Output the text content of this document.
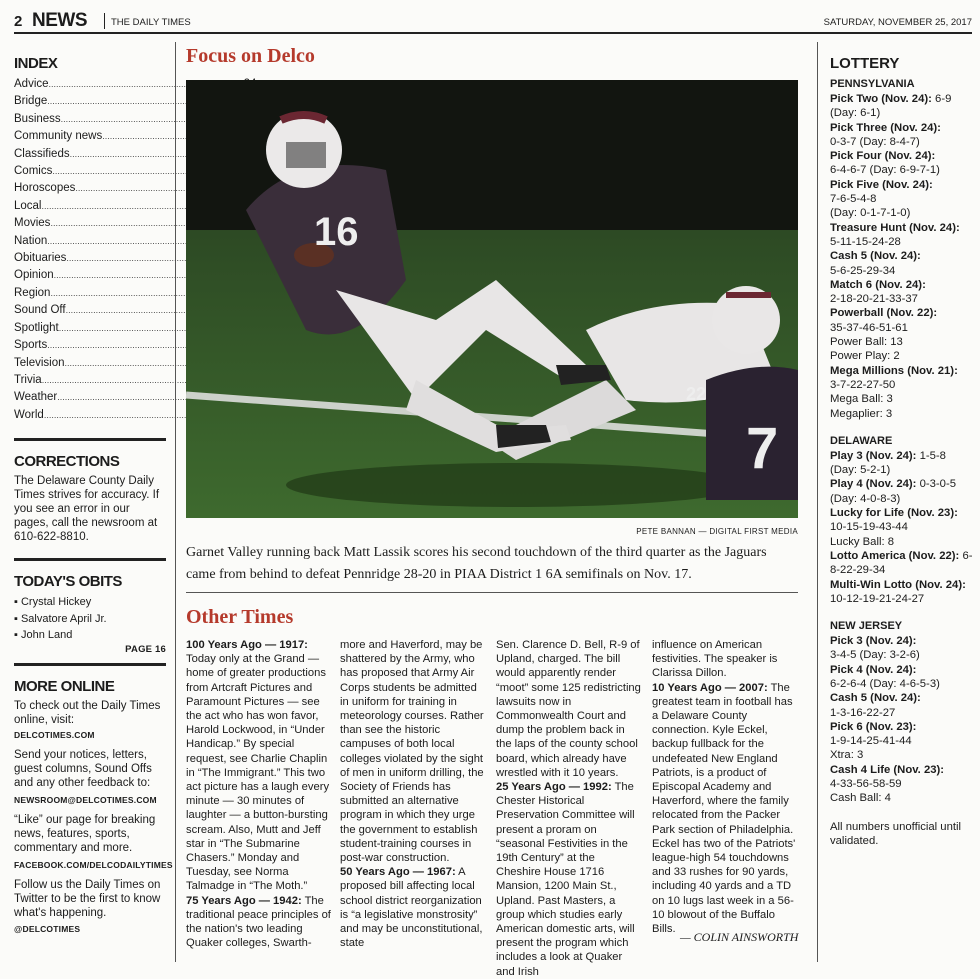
2 NEWS	THE DAILY TIMES	SATURDAY, NOVEMBER 25, 2017
INDEX
Advice
.....
Bridge
.....
Business
.....
Community news
.....
Classifieds
.....
Comics
.....
Horoscopes
.....
Local
.....
Movies
.....
Nation
.....
Obituaries
.....
Opinion
.....
Region
.....
Sound Off
.....
Spotlight
.....
Sports
.....
Television
.....
Trivia
.....
Weather
.....
World
.....
CORRECTIONS

The Delaware County Daily Times strives for accuracy. If you see an error in our pages, call the newsroom at 610-622-8810.

TODAY'S OBITS
▪ Crystal Hickey
▪ Salvatore April Jr.
▪ John Land
PAGE 16
MORE ONLINE

To check out the Daily Times online, visit:

DELCOTIMES.COM

Send your notices, letters, guest columns, Sound Offs and any other feedback to:

NEWSROOM@DELCOTIMES.COM

“Like” our page for breaking news, features, sports, commentary and more.

FACEBOOK.COM/DELCODAILYTIMES

Follow us the Daily Times on Twitter to be the first to know what's happening.

@DELCOTIMES

Focus on Delco
7
22
16
PETE BANNAN — DIGITAL FIRST MEDIA
Garnet Valley running back Matt Lassik scores his second touchdown of the third quarter as the Jaguars came from behind to defeat Pennridge 28-20 in PIAA District 1 6A semifinals on Nov. 17.
Other Times
100 Years Ago — 1917: Today only at the Grand — home of greater productions from Artcraft Pictures and Paramount Pictures — see the act who has won favor, Harold Lockwood, in “Under Handicap.” By special request, see Charlie Chaplin in “The Immigrant.” This two act picture has a laugh every minute — 30 minutes of laughter — a button-bursting scream. Also, Mutt and Jeff star in “The Submarine Chasers.” Monday and Tuesday, see Norma Talmadge in “The Moth.”
75 Years Ago — 1942: The traditional peace principles of the nation's two leading Quaker colleges, Swarth-
more and Haverford, may be shattered by the Army, who has proposed that Army Air Corps students be admitted in uniform for training in meteorology courses. Rather than see the historic campuses of both local colleges violated by the sight of men in uniform drilling, the Society of Friends has submitted an alternative program in which they urge the government to establish student-training courses in post-war construction.
50 Years Ago — 1967: A proposed bill affecting local school district reorganization is “a legislative monstrosity” and may be unconstitutional, state
Sen. Clarence D. Bell, R-9 of Upland, charged. The bill would apparently render “moot” some 125 redistricting lawsuits now in Commonwealth Court and dump the problem back in the laps of the county school board, which already have wrestled with it 10 years.
25 Years Ago — 1992: The Chester Historical Preservation Committee will present a proram on “seasonal Festivities in the 19th Century” at the Cheshire House 1716 Mansion, 1200 Main St., Upland. Past Masters, a group which studies early American domestic arts, will present the program which includes a look at Quaker and Irish
influence on American festivities. The speaker is Clarissa Dillon.
10 Years Ago — 2007: The greatest team in football has a Delaware County connection. Kyle Eckel, backup fullback for the undefeated New England Patriots, is a product of Episcopal Academy and Haverford, where the family relocated from the Packer Park section of Philadelphia. Eckel has two of the Patriots' league-high 54 touchdowns and 33 rushes for 90 yards, including 40 yards and a TD on 10 lugs last week in a 56-10 blowout of the Buffalo Bills.
— COLIN AINSWORTH
LOTTERY
PENNSYLVANIA
Pick Two (Nov. 24): 6-9
(Day: 6-1)
Pick Three (Nov. 24):
0-3-7 (Day: 8-4-7)
Pick Four (Nov. 24):
6-4-6-7 (Day: 6-9-7-1)
Pick Five (Nov. 24):
7-6-5-4-8
(Day: 0-1-7-1-0)
Treasure Hunt (Nov. 24):
5-11-15-24-28
Cash 5 (Nov. 24):
5-6-25-29-34
Match 6 (Nov. 24):
2-18-20-21-33-37
Powerball (Nov. 22):
35-37-46-51-61
Power Ball: 13
Power Play: 2
Mega Millions (Nov. 21):
3-7-22-27-50
Mega Ball: 3
Megaplier: 3
DELAWARE
Play 3 (Nov. 24): 1-5-8
(Day: 5-2-1)
Play 4 (Nov. 24): 0-3-0-5
(Day: 4-0-8-3)
Lucky for Life (Nov. 23):
10-15-19-43-44
Lucky Ball: 8
Lotto America (Nov. 22): 6-8-22-29-34
Multi-Win Lotto (Nov. 24):
10-12-19-21-24-27
NEW JERSEY
Pick 3 (Nov. 24):
3-4-5 (Day: 3-2-6)
Pick 4 (Nov. 24):
6-2-6-4 (Day: 4-6-5-3)
Cash 5 (Nov. 24):
1-3-16-22-27
Pick 6 (Nov. 23):
1-9-14-25-41-44
Xtra: 3
Cash 4 Life (Nov. 23):
4-33-56-58-59
Cash Ball: 4

All numbers unofficial until validated.
